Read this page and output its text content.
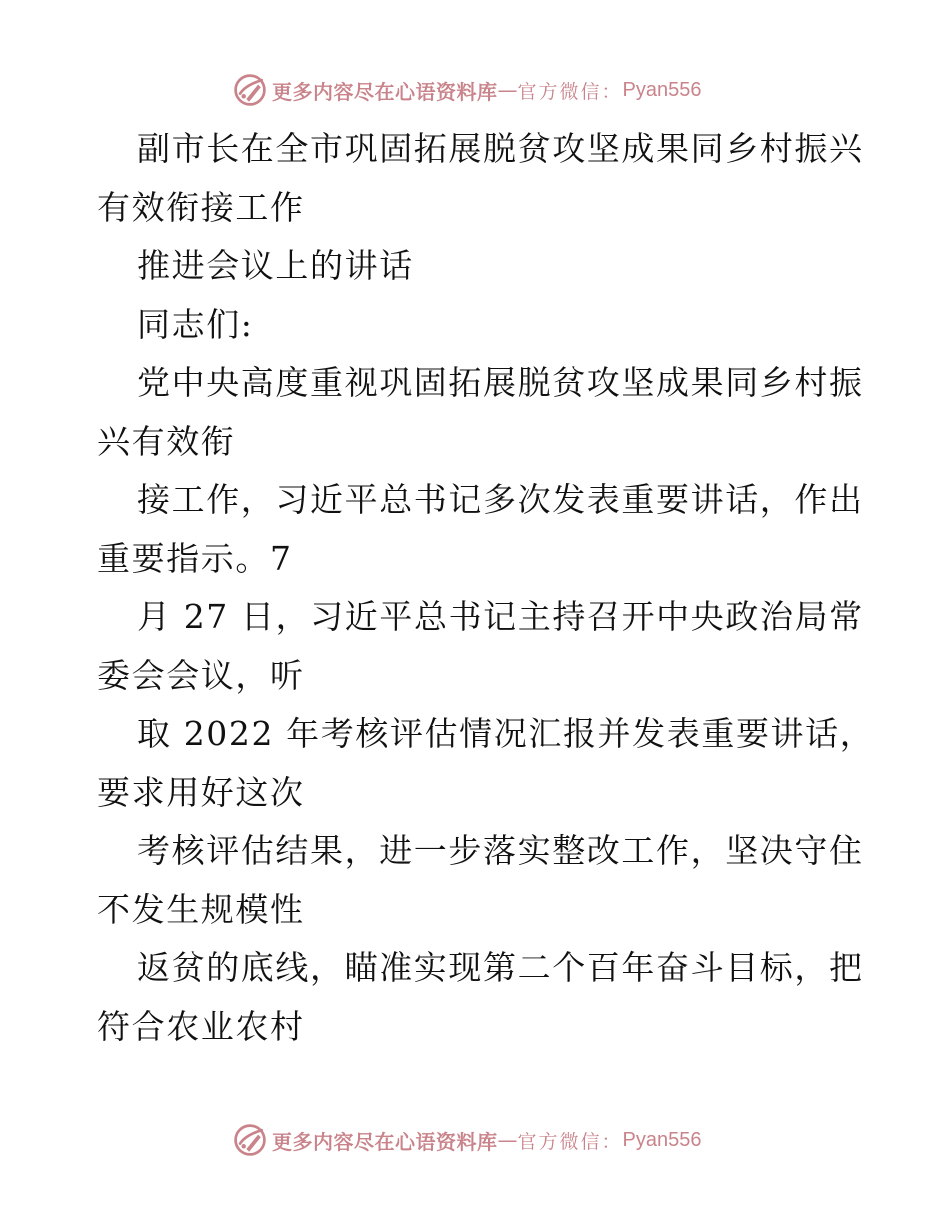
更多内容尽在心语资料库 — 官方微信： Pyan556
副市长在全市巩固拓展脱贫攻坚成果同乡村振兴
有效衔接工作
推进会议上的讲话
同志们:
党中央高度重视巩固拓展脱贫攻坚成果同乡村振
兴有效衔
接工作，习近平总书记多次发表重要讲话，作出
重要指示。7
月 27 日，习近平总书记主持召开中央政治局常
委会会议，听
取 2022 年考核评估情况汇报并发表重要讲话，
要求用好这次
考核评估结果，进一步落实整改工作，坚决守住
不发生规模性
返贫的底线，瞄准实现第二个百年奋斗目标，把
符合农业农村
更多内容尽在心语资料库 — 官方微信： Pyan556
